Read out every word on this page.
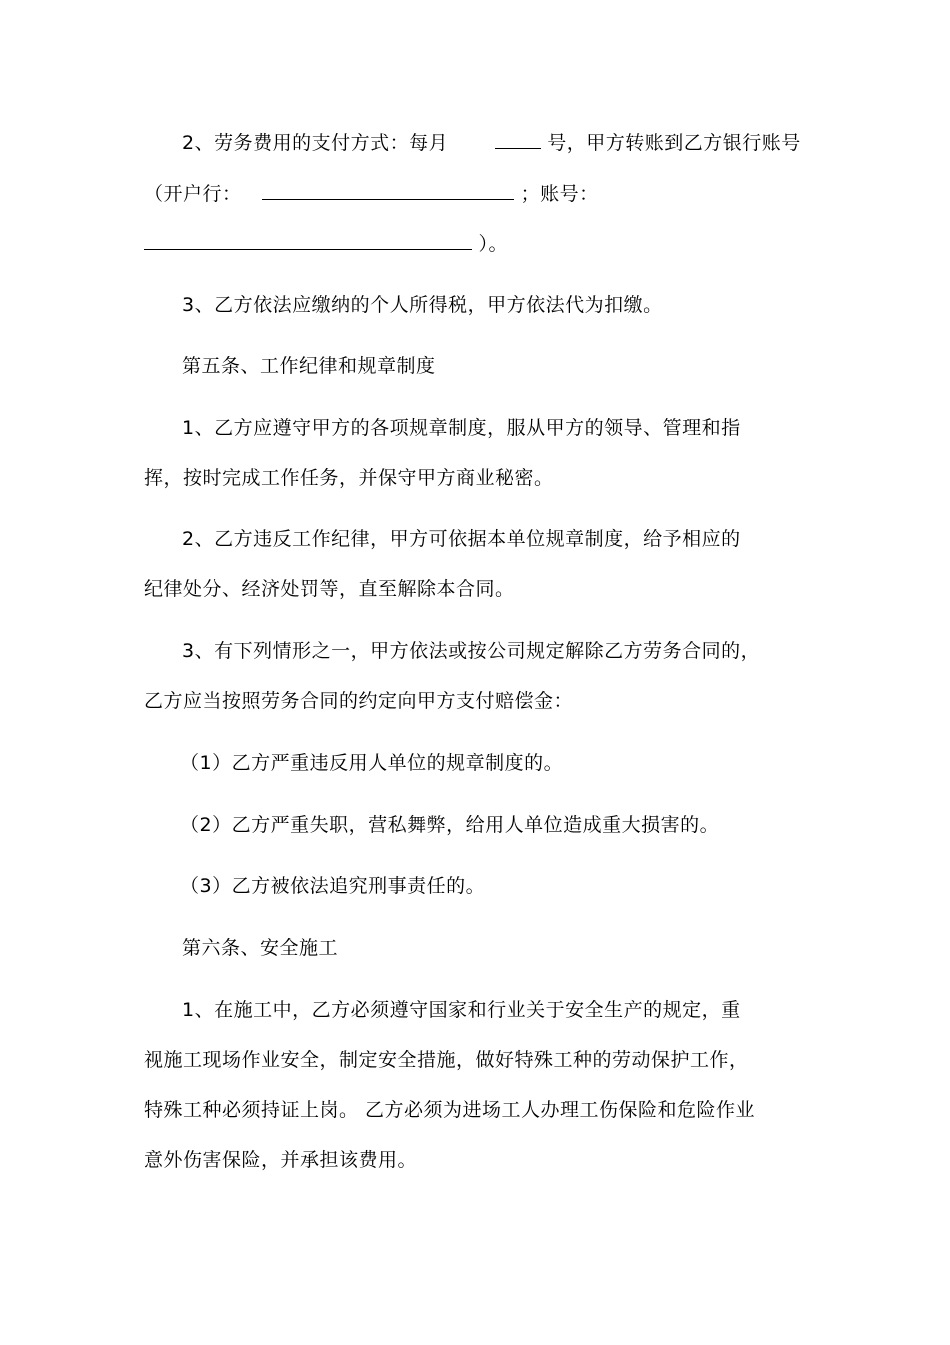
2、劳务费用的支付方式：每月	号，甲方转账到乙方银行账号
（开户行：	；账号：
）。
3、乙方依法应缴纳的个人所得税，甲方依法代为扣缴。
第五条、工作纪律和规章制度
1、乙方应遵守甲方的各项规章制度，服从甲方的领导、管理和指
挥，按时完成工作任务，并保守甲方商业秘密。
2、乙方违反工作纪律，甲方可依据本单位规章制度，给予相应的
纪律处分、经济处罚等，直至解除本合同。
3、有下列情形之一，甲方依法或按公司规定解除乙方劳务合同的，
乙方应当按照劳务合同的约定向甲方支付赔偿金：
（1）乙方严重违反用人单位的规章制度的。
（2）乙方严重失职，营私舞弊，给用人单位造成重大损害的。
（3）乙方被依法追究刑事责任的。
第六条、安全施工
1、在施工中，乙方必须遵守国家和行业关于安全生产的规定，重
视施工现场作业安全，制定安全措施，做好特殊工种的劳动保护工作，
特殊工种必须持证上岗。 乙方必须为进场工人办理工伤保险和危险作业
意外伤害保险，并承担该费用。
